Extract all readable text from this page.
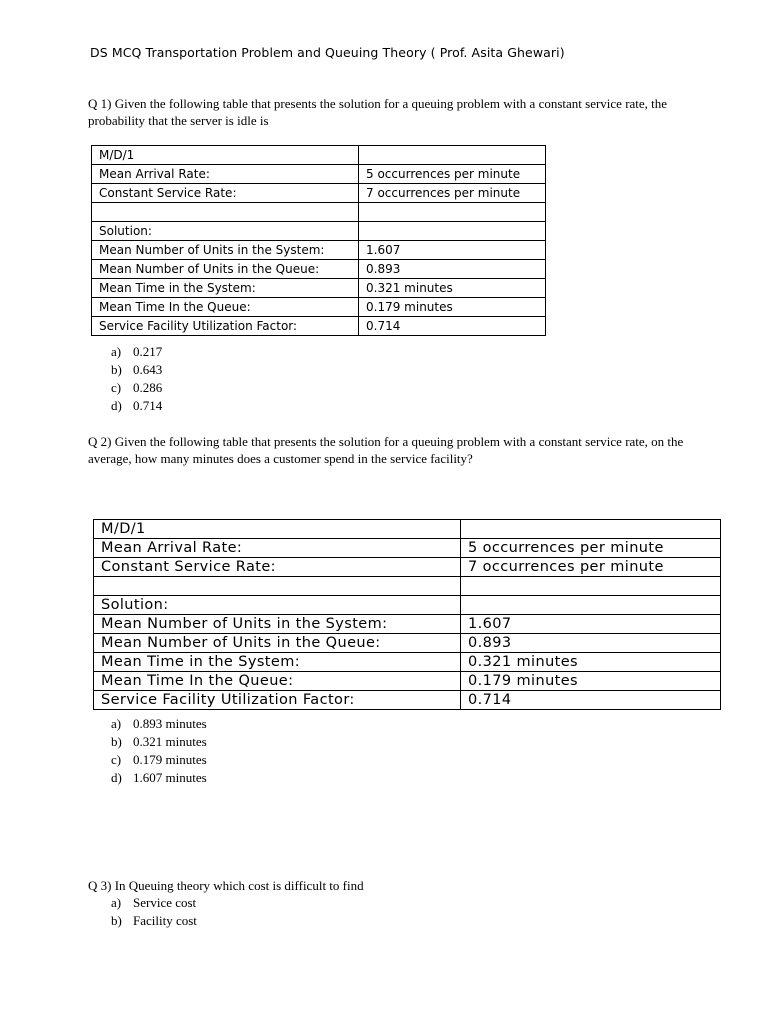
DS MCQ Transportation Problem and Queuing Theory ( Prof. Asita Ghewari)
Q 1) Given the following table that presents the solution for a queuing problem with a constant service rate, the probability that the server is idle is
M/D/1	
Mean Arrival Rate:	5 occurrences per minute
Constant Service Rate:	7 occurrences per minute

Solution:	
Mean Number of Units in the System:	1.607
Mean Number of Units in the Queue:	0.893
Mean Time in the System:	0.321 minutes
Mean Time In the Queue:	0.179 minutes
Service Facility Utilization Factor:	0.714
a) 0.217
b) 0.643
c) 0.286
d) 0.714
Q 2) Given the following table that presents the solution for a queuing problem with a constant service rate, on the average, how many minutes does a customer spend in the service facility?
M/D/1	
Mean Arrival Rate:	5 occurrences per minute
Constant Service Rate:	7 occurrences per minute

Solution:	
Mean Number of Units in the System:	1.607
Mean Number of Units in the Queue:	0.893
Mean Time in the System:	0.321 minutes
Mean Time In the Queue:	0.179 minutes
Service Facility Utilization Factor:	0.714
a) 0.893 minutes
b) 0.321 minutes
c) 0.179 minutes
d) 1.607 minutes
Q 3) In Queuing theory which cost is difficult to find
a) Service cost
b) Facility cost
